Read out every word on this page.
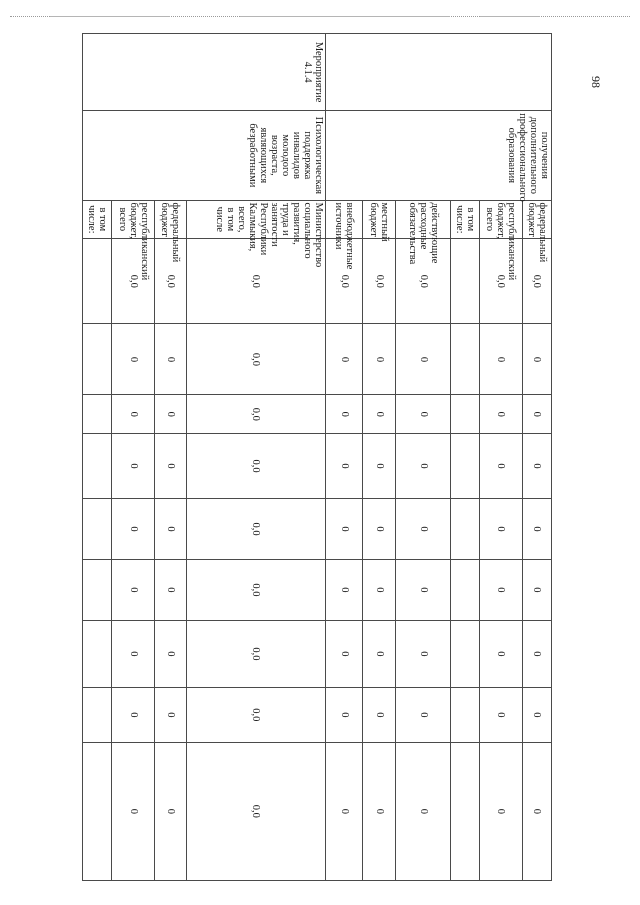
98
	получения дополнительного профессионального образования	федеральный бюджет	0,0	0	0	0	0	0	0	0	0
		республиканский бюджет, всего	0,0	0	0	0	0	0	0	0	0
		в том числе:									
		действующие расходные обязательства	0,0	0	0	0	0	0	0	0	0
		местный бюджет	0,0	0	0	0	0	0	0	0	0
		внебюджетные источники	0,0	0	0	0	0	0	0	0	0
Мероприятие 4.1.4	Психологическая поддержка инвалидов молодого возраста, являющихся безработными	Министерство социального развития, труда и занятости Республики Калмыкия, всего, в том числе	0,0	0,0	0,0	0,0	0,0	0,0	0,0	0,0	0,0
		федеральный бюджет	0,0	0	0	0	0	0	0	0	0
		республиканский бюджет, всего	0,0	0	0	0	0	0	0	0	0
		в том числе:									
